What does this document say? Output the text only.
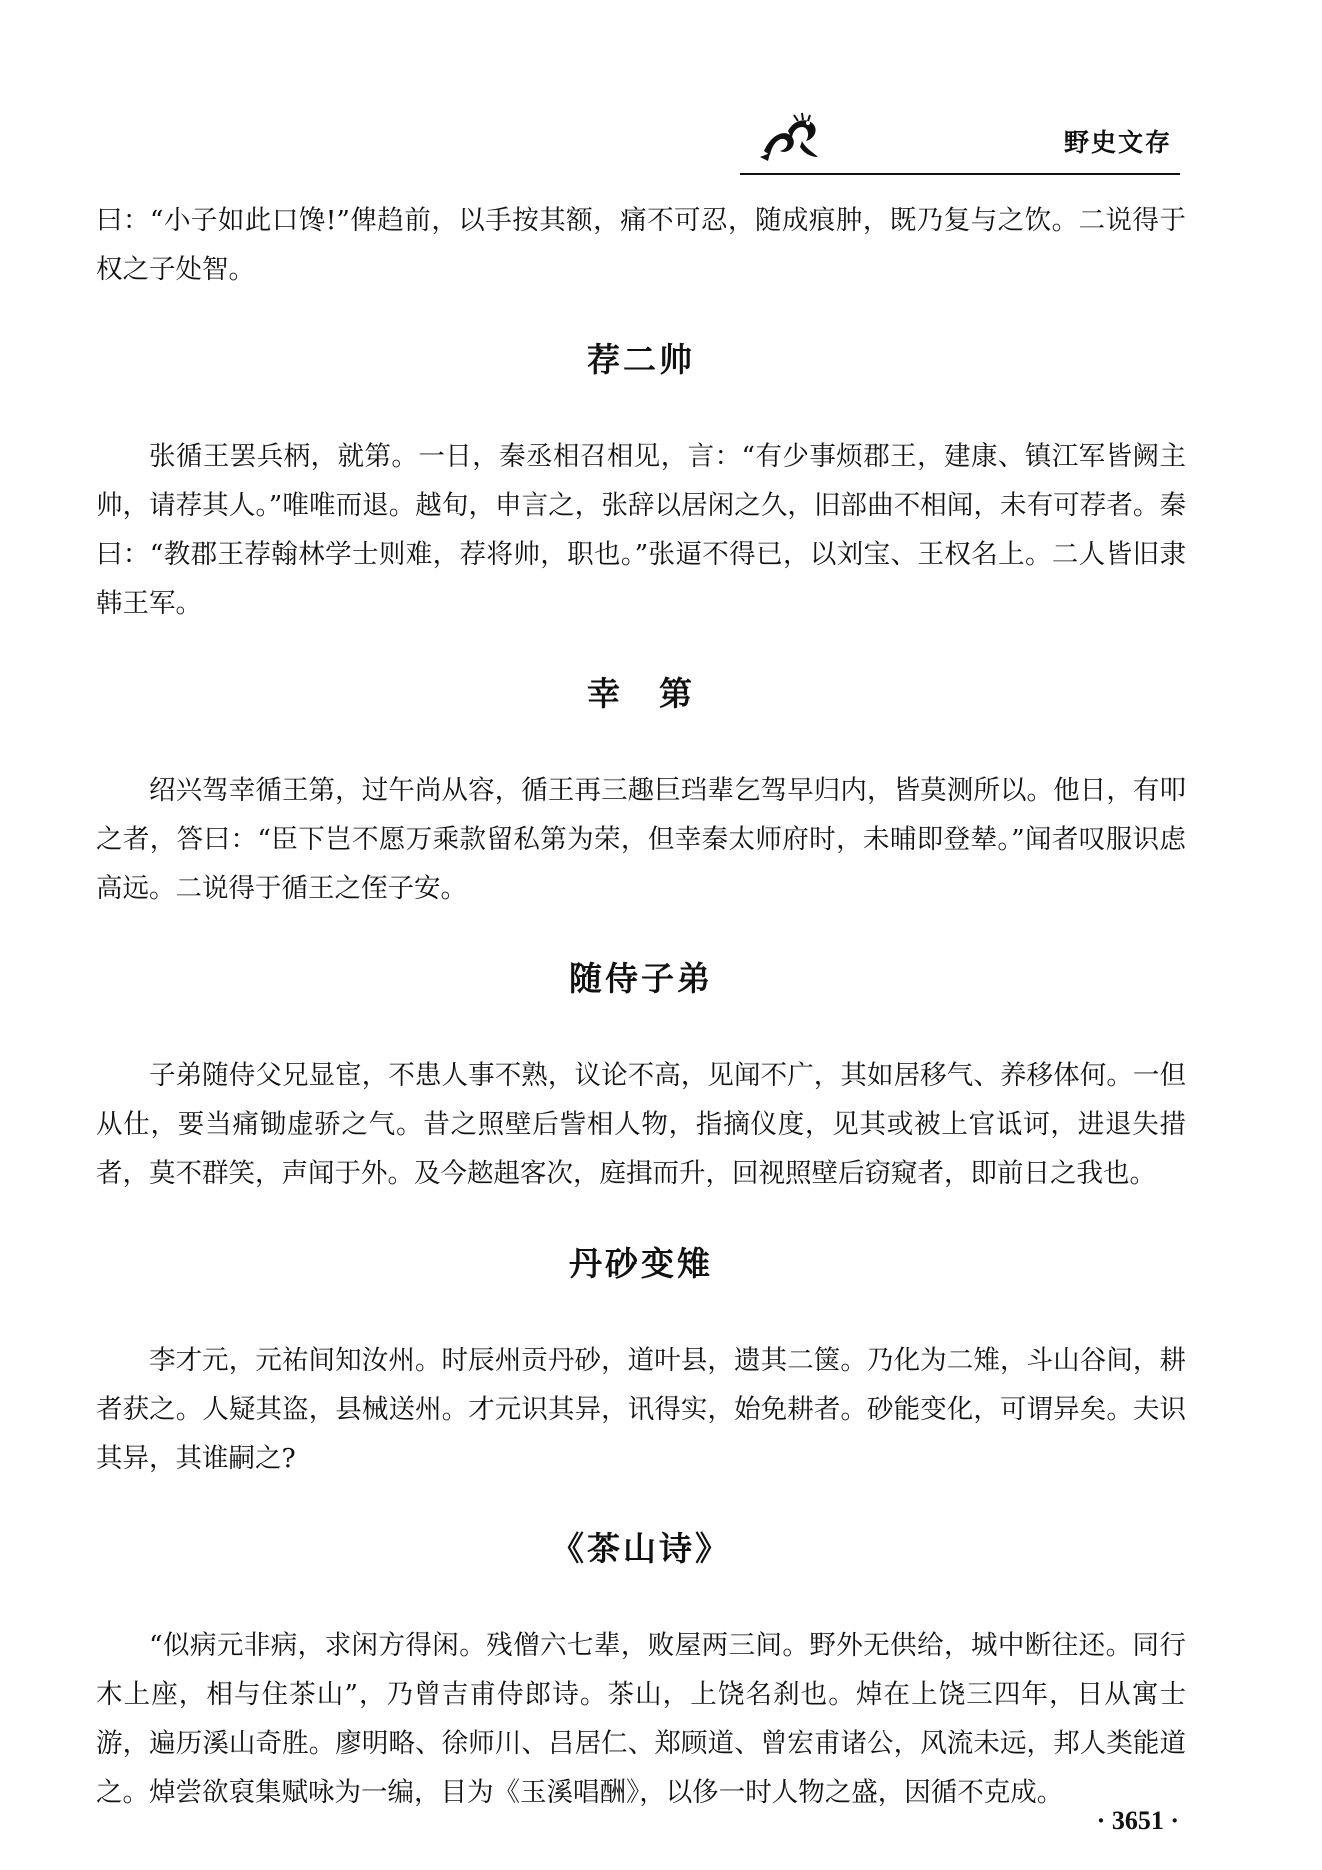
野史文存

曰：“小子如此口馋!”俾趋前，以手按其额，痛不可忍，随成痕肿，既乃复与之饮。二说得于权之子处智。

荐二帅

张循王罢兵柄，就第。一日，秦丞相召相见，言：“有少事烦郡王，建康、镇江军皆阙主帅，请荐其人。”唯唯而退。越旬，申言之，张辞以居闲之久，旧部曲不相闻，未有可荐者。秦曰：“教郡王荐翰林学士则难，荐将帅，职也。”张逼不得已，以刘宝、王权名上。二人皆旧隶韩王军。

幸　第

绍兴驾幸循王第，过午尚从容，循王再三趣巨珰辈乞驾早归内，皆莫测所以。他日，有叩之者，答曰：“臣下岂不愿万乘款留私第为荣，但幸秦太师府时，未晡即登辇。”闻者叹服识虑高远。二说得于循王之侄子安。

随侍子弟

子弟随侍父兄显宦，不患人事不熟，议论不高，见闻不广，其如居移气、养移体何。一但从仕，要当痛锄虚骄之气。昔之照壁后訾相人物，指摘仪度，见其或被上官诋诃，进退失措者，莫不群笑，声闻于外。及今趑趄客次，庭揖而升，回视照壁后窃窥者，即前日之我也。

丹砂变雉

李才元，元祐间知汝州。时辰州贡丹砂，道叶县，遗其二箧。乃化为二雉，斗山谷间，耕者获之。人疑其盗，县械送州。才元识其异，讯得实，始免耕者。砂能变化，可谓异矣。夫识其异，其谁嗣之?

《茶山诗》

“似病元非病，求闲方得闲。残僧六七辈，败屋两三间。野外无供给，城中断往还。同行木上座，相与住茶山”，乃曾吉甫侍郎诗。茶山，上饶名刹也。焯在上饶三四年，日从寓士游，遍历溪山奇胜。廖明略、徐师川、吕居仁、郑顾道、曾宏甫诸公，风流未远，邦人类能道之。焯尝欲裒集赋咏为一编，目为《玉溪唱酬》，以侈一时人物之盛，因循不克成。

· 3651 ·
